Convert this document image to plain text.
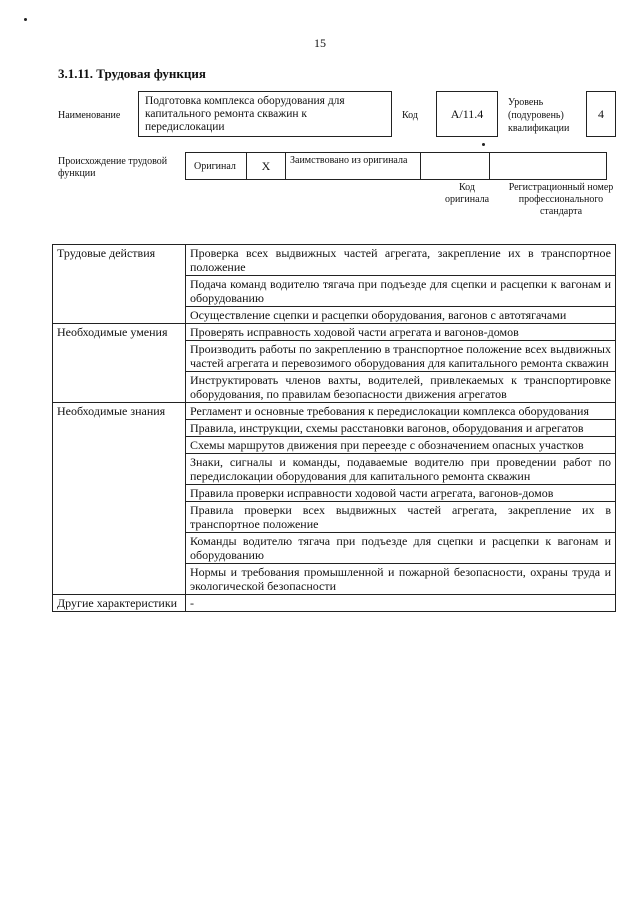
15
3.1.11. Трудовая функция
Наименование
Подготовка комплекса оборудования для капитального ремонта скважин к передислокации
Код	А/11.4
Уровень (подуровень) квалификации
4
Происхождение трудовой функции
Оригинал	Х	Заимствовано из оригинала
Код оригинала
Регистрационный номер профессионального стандарта
Трудовые действия	Проверка всех выдвижных частей агрегата, закрепление их в транспортное положение
	Подача команд водителю тягача при подъезде для сцепки и расцепки к вагонам и оборудованию
	Осуществление сцепки и расцепки оборудования, вагонов с автотягачами
Необходимые умения	Проверять исправность ходовой части агрегата и вагонов-домов
	Производить работы по закреплению в транспортное положение всех выдвижных частей агрегата и перевозимого оборудования для капитального ремонта скважин
	Инструктировать членов вахты, водителей, привлекаемых к транспортировке оборудования, по правилам безопасности движения агрегатов
Необходимые знания	Регламент и основные требования к передислокации комплекса оборудования
	Правила, инструкции, схемы расстановки вагонов, оборудования и агрегатов
	Схемы маршрутов движения при переезде с обозначением опасных участков
	Знаки, сигналы и команды, подаваемые водителю при проведении работ по передислокации оборудования для капитального ремонта скважин
	Правила проверки исправности ходовой части агрегата, вагонов-домов
	Правила проверки всех выдвижных частей агрегата, закрепление их в транспортное положение
	Команды водителю тягача при подъезде для сцепки и расцепки к вагонам и оборудованию
	Нормы и требования промышленной и пожарной безопасности, охраны труда и экологической безопасности
Другие характеристики	-
